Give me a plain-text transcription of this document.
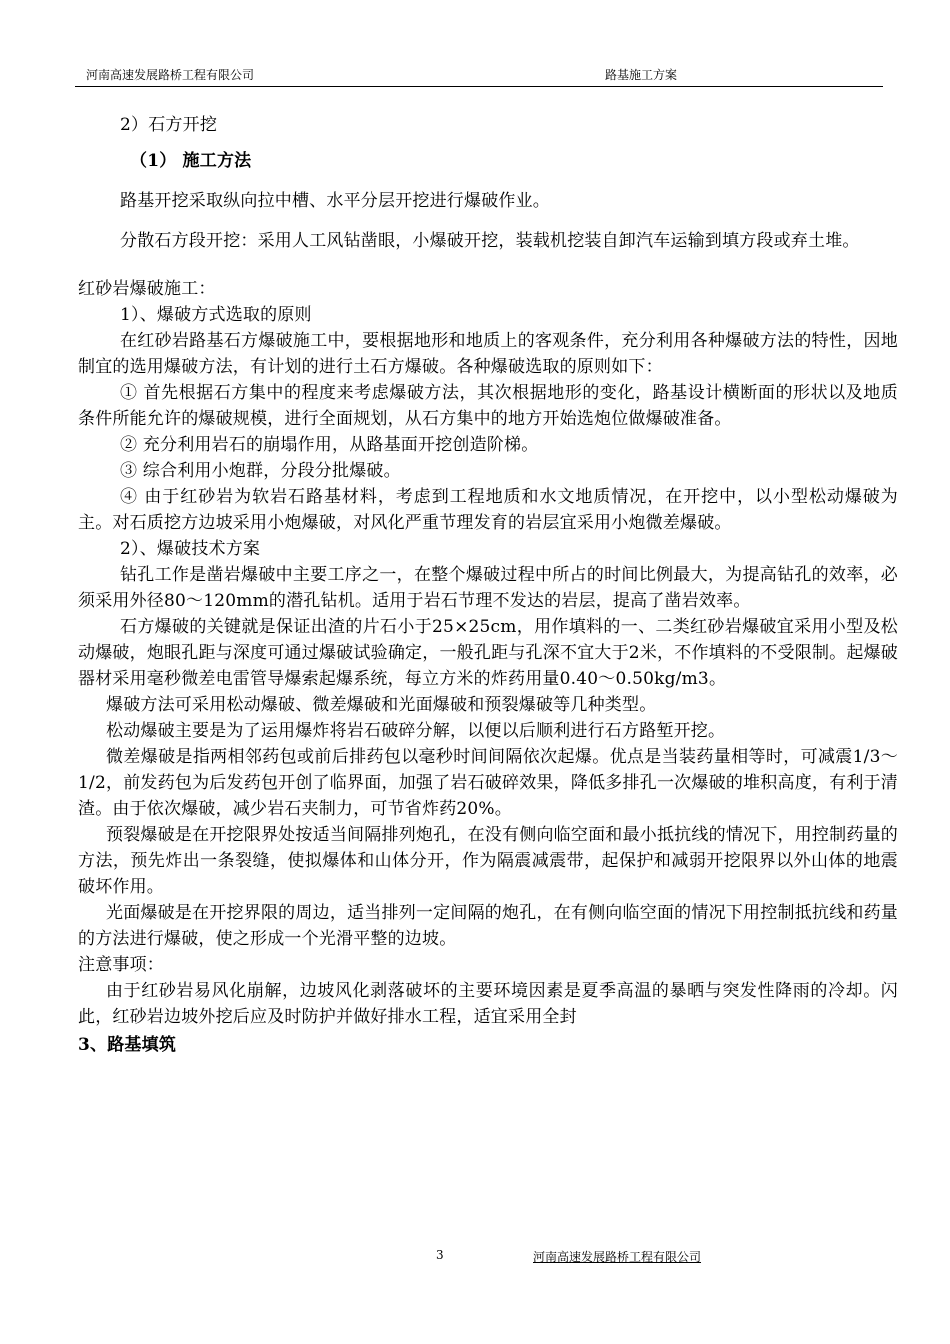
河南高速发展路桥工程有限公司	路基施工方案

2）石方开挖

（1） 施工方法

路基开挖采取纵向拉中槽、水平分层开挖进行爆破作业。

分散石方段开挖：采用人工风钻凿眼，小爆破开挖，装载机挖装自卸汽车运输到填方段或弃土堆。

红砂岩爆破施工：

1）、爆破方式选取的原则

在红砂岩路基石方爆破施工中，要根据地形和地质上的客观条件，充分利用各种爆破方法的特性，因地制宜的选用爆破方法，有计划的进行土石方爆破。各种爆破选取的原则如下：

① 首先根据石方集中的程度来考虑爆破方法，其次根据地形的变化，路基设计横断面的形状以及地质条件所能允许的爆破规模，进行全面规划，从石方集中的地方开始选炮位做爆破准备。

② 充分利用岩石的崩塌作用，从路基面开挖创造阶梯。

③ 综合利用小炮群，分段分批爆破。

④ 由于红砂岩为软岩石路基材料，考虑到工程地质和水文地质情况，在开挖中，以小型松动爆破为主。对石质挖方边坡采用小炮爆破，对风化严重节理发育的岩层宜采用小炮微差爆破。

2）、爆破技术方案

钻孔工作是凿岩爆破中主要工序之一，在整个爆破过程中所占的时间比例最大，为提高钻孔的效率，必须采用外径80～120mm的潜孔钻机。适用于岩石节理不发达的岩层，提高了凿岩效率。

石方爆破的关键就是保证出渣的片石小于25×25cm，用作填料的一、二类红砂岩爆破宜采用小型及松动爆破，炮眼孔距与深度可通过爆破试验确定，一般孔距与孔深不宜大于2米，不作填料的不受限制。起爆破器材采用毫秒微差电雷管导爆索起爆系统，每立方米的炸药用量0.40～0.50kg/m3。

爆破方法可采用松动爆破、微差爆破和光面爆破和预裂爆破等几种类型。

松动爆破主要是为了运用爆炸将岩石破碎分解，以便以后顺利进行石方路堑开挖。

微差爆破是指两相邻药包或前后排药包以毫秒时间间隔依次起爆。优点是当装药量相等时，可减震1/3～1/2，前发药包为后发药包开创了临界面，加强了岩石破碎效果，降低多排孔一次爆破的堆积高度，有利于清渣。由于依次爆破，减少岩石夹制力，可节省炸药20%。

预裂爆破是在开挖限界处按适当间隔排列炮孔，在没有侧向临空面和最小抵抗线的情况下，用控制药量的方法，预先炸出一条裂缝，使拟爆体和山体分开，作为隔震减震带，起保护和减弱开挖限界以外山体的地震破坏作用。

光面爆破是在开挖界限的周边，适当排列一定间隔的炮孔，在有侧向临空面的情况下用控制抵抗线和药量的方法进行爆破，使之形成一个光滑平整的边坡。

注意事项：

由于红砂岩易风化崩解，边坡风化剥落破坏的主要环境因素是夏季高温的暴晒与突发性降雨的冷却。闪此，红砂岩边坡外挖后应及时防护并做好排水工程，适宜采用全封

3、路基填筑

3	河南高速发展路桥工程有限公司
